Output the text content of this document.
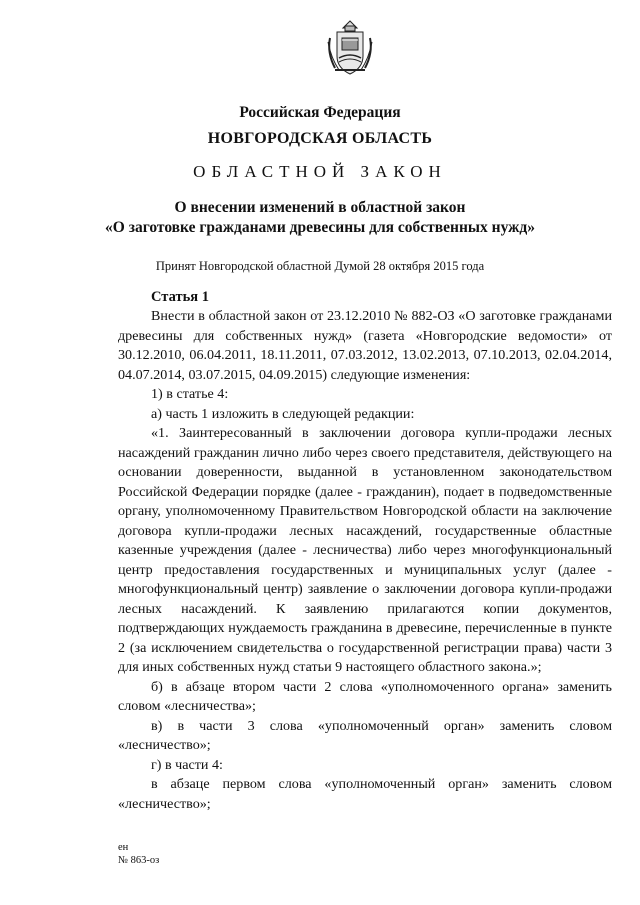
Российская Федерация
НОВГОРОДСКАЯ ОБЛАСТЬ
ОБЛАСТНОЙ ЗАКОН
О внесении изменений в областной закон
«О заготовке гражданами древесины для собственных нужд»
Принят Новгородской областной Думой 28 октября 2015 года
Статья 1

Внести в областной закон от 23.12.2010 № 882-ОЗ «О заготовке гражданами древесины для собственных нужд» (газета «Новгородские ведомости» от 30.12.2010, 06.04.2011, 18.11.2011, 07.03.2012, 13.02.2013, 07.10.2013, 02.04.2014, 04.07.2014, 03.07.2015, 04.09.2015) следующие изменения:

1) в статье 4:

а) часть 1 изложить в следующей редакции:

«1. Заинтересованный в заключении договора купли-продажи лесных насаждений гражданин лично либо через своего представителя, действующего на основании доверенности, выданной в установленном законодательством Российской Федерации порядке (далее - гражданин), подает в подведомственные органу, уполномоченному Правительством Новгородской области на заключение договора купли-продажи лесных насаждений, государственные областные казенные учреждения (далее - лесничества) либо через многофункциональный центр предоставления государственных и муниципальных услуг (далее - многофункциональный центр) заявление о заключении договора купли-продажи лесных насаждений. К заявлению прилагаются копии документов, подтверждающих нуждаемость гражданина в древесине, перечисленные в пункте 2 (за исключением свидетельства о государственной регистрации права) части 3 для иных собственных нужд статьи 9 настоящего областного закона.»;

б) в абзаце втором части 2 слова «уполномоченного органа» заменить словом «лесничества»;

в) в части 3 слова «уполномоченный орган» заменить словом «лесничество»;

г) в части 4:

в абзаце первом слова «уполномоченный орган» заменить словом «лесничество»;

ен
№ 863-оз
